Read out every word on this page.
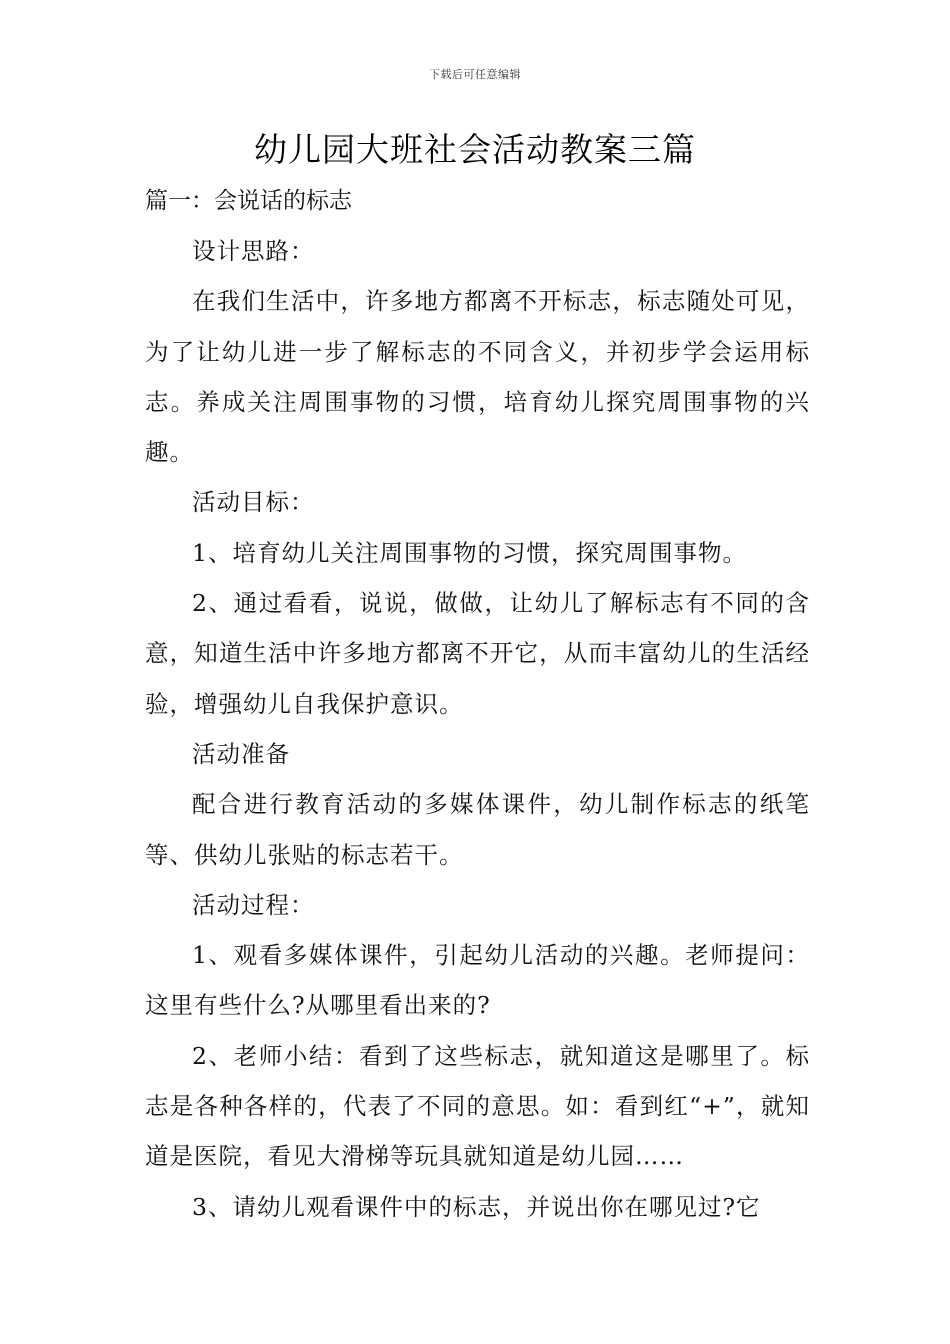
下载后可任意编辑
幼儿园大班社会活动教案三篇

篇一：会说话的标志

设计思路：

在我们生活中，许多地方都离不开标志，标志随处可见，为了让幼儿进一步了解标志的不同含义，并初步学会运用标志。养成关注周围事物的习惯，培育幼儿探究周围事物的兴趣。

活动目标：

1、培育幼儿关注周围事物的习惯，探究周围事物。

2、通过看看，说说，做做，让幼儿了解标志有不同的含意，知道生活中许多地方都离不开它，从而丰富幼儿的生活经验，增强幼儿自我保护意识。

活动准备

配合进行教育活动的多媒体课件，幼儿制作标志的纸笔等、供幼儿张贴的标志若干。

活动过程：

1、观看多媒体课件，引起幼儿活动的兴趣。老师提问：这里有些什么?从哪里看出来的?

2、老师小结：看到了这些标志，就知道这是哪里了。标志是各种各样的，代表了不同的意思。如：看到红“+”，就知道是医院，看见大滑梯等玩具就知道是幼儿园……

3、请幼儿观看课件中的标志，并说出你在哪见过?它
